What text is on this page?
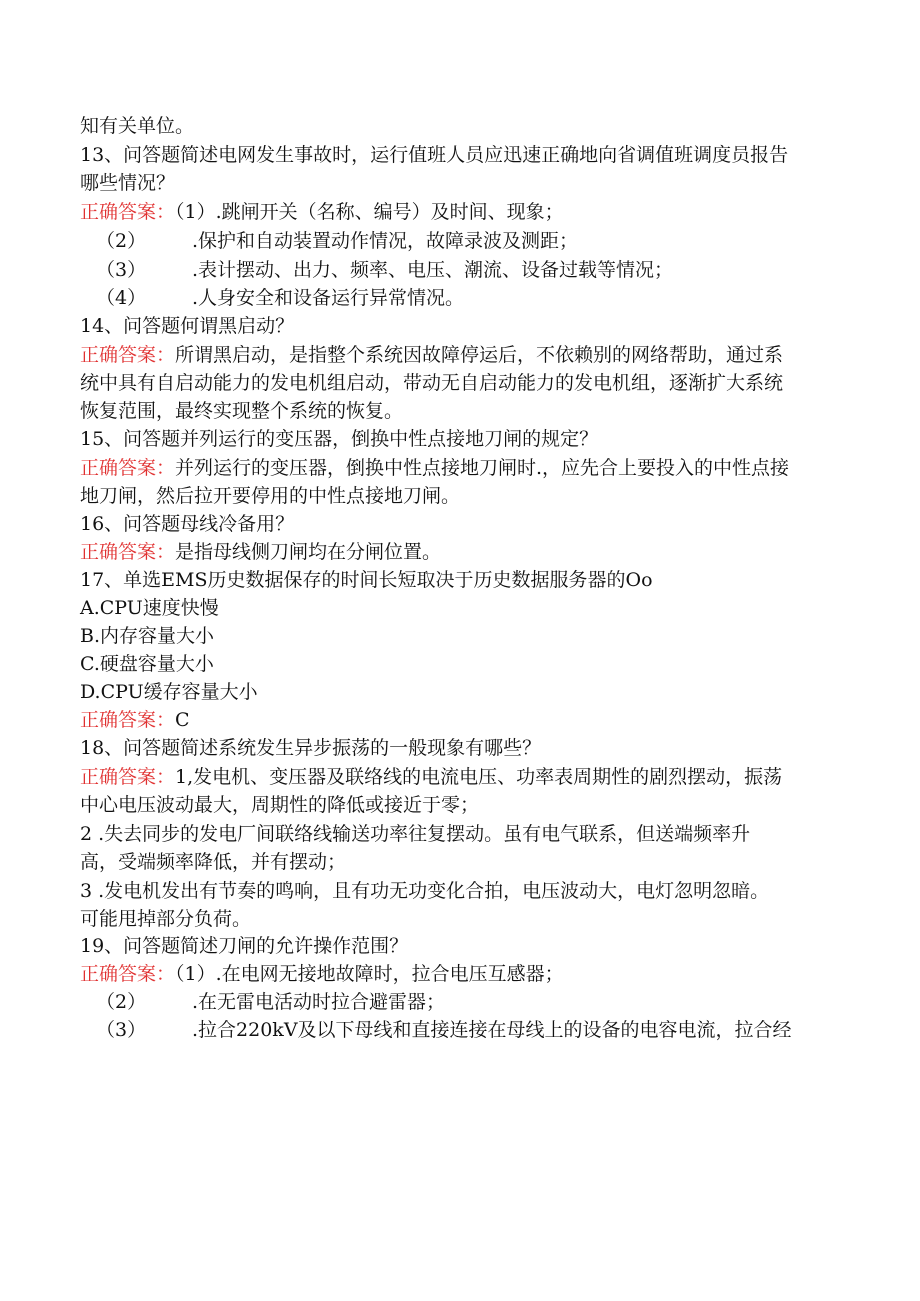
知有关单位。
13、问答题简述电网发生事故时，运行值班人员应迅速正确地向省调值班调度员报告
哪些情况？
正确答案：（1）.跳闸开关（名称、编号）及时间、现象；
（2） .保护和自动装置动作情况，故障录波及测距；
（3） .表计摆动、出力、频率、电压、潮流、设备过载等情况；
（4） .人身安全和设备运行异常情况。
14、问答题何谓黑启动？
正确答案：所谓黑启动，是指整个系统因故障停运后，不依赖别的网络帮助，通过系
统中具有自启动能力的发电机组启动，带动无自启动能力的发电机组，逐渐扩大系统
恢复范围，最终实现整个系统的恢复。
15、问答题并列运行的变压器，倒换中性点接地刀闸的规定？
正确答案：并列运行的变压器，倒换中性点接地刀闸时.，应先合上要投入的中性点接
地刀闸，然后拉开要停用的中性点接地刀闸。
16、问答题母线冷备用？
正确答案：是指母线侧刀闸均在分闸位置。
17、单选EMS历史数据保存的时间长短取决于历史数据服务器的Oo
A.CPU速度快慢
B.内存容量大小
C.硬盘容量大小
D.CPU缓存容量大小
正确答案：C
18、问答题简述系统发生异步振荡的一般现象有哪些？
正确答案：1,发电机、变压器及联络线的电流电压、功率表周期性的剧烈摆动，振荡
中心电压波动最大，周期性的降低或接近于零；
2 .失去同步的发电厂间联络线输送功率往复摆动。虽有电气联系，但送端频率升
高，受端频率降低，并有摆动；
3 .发电机发出有节奏的鸣响，且有功无功变化合拍，电压波动大，电灯忽明忽暗。
可能甩掉部分负荷。
19、问答题简述刀闸的允许操作范围？
正确答案：（1）.在电网无接地故障时，拉合电压互感器；
（2） .在无雷电活动时拉合避雷器；
（3） .拉合220kV及以下母线和直接连接在母线上的设备的电容电流，拉合经
